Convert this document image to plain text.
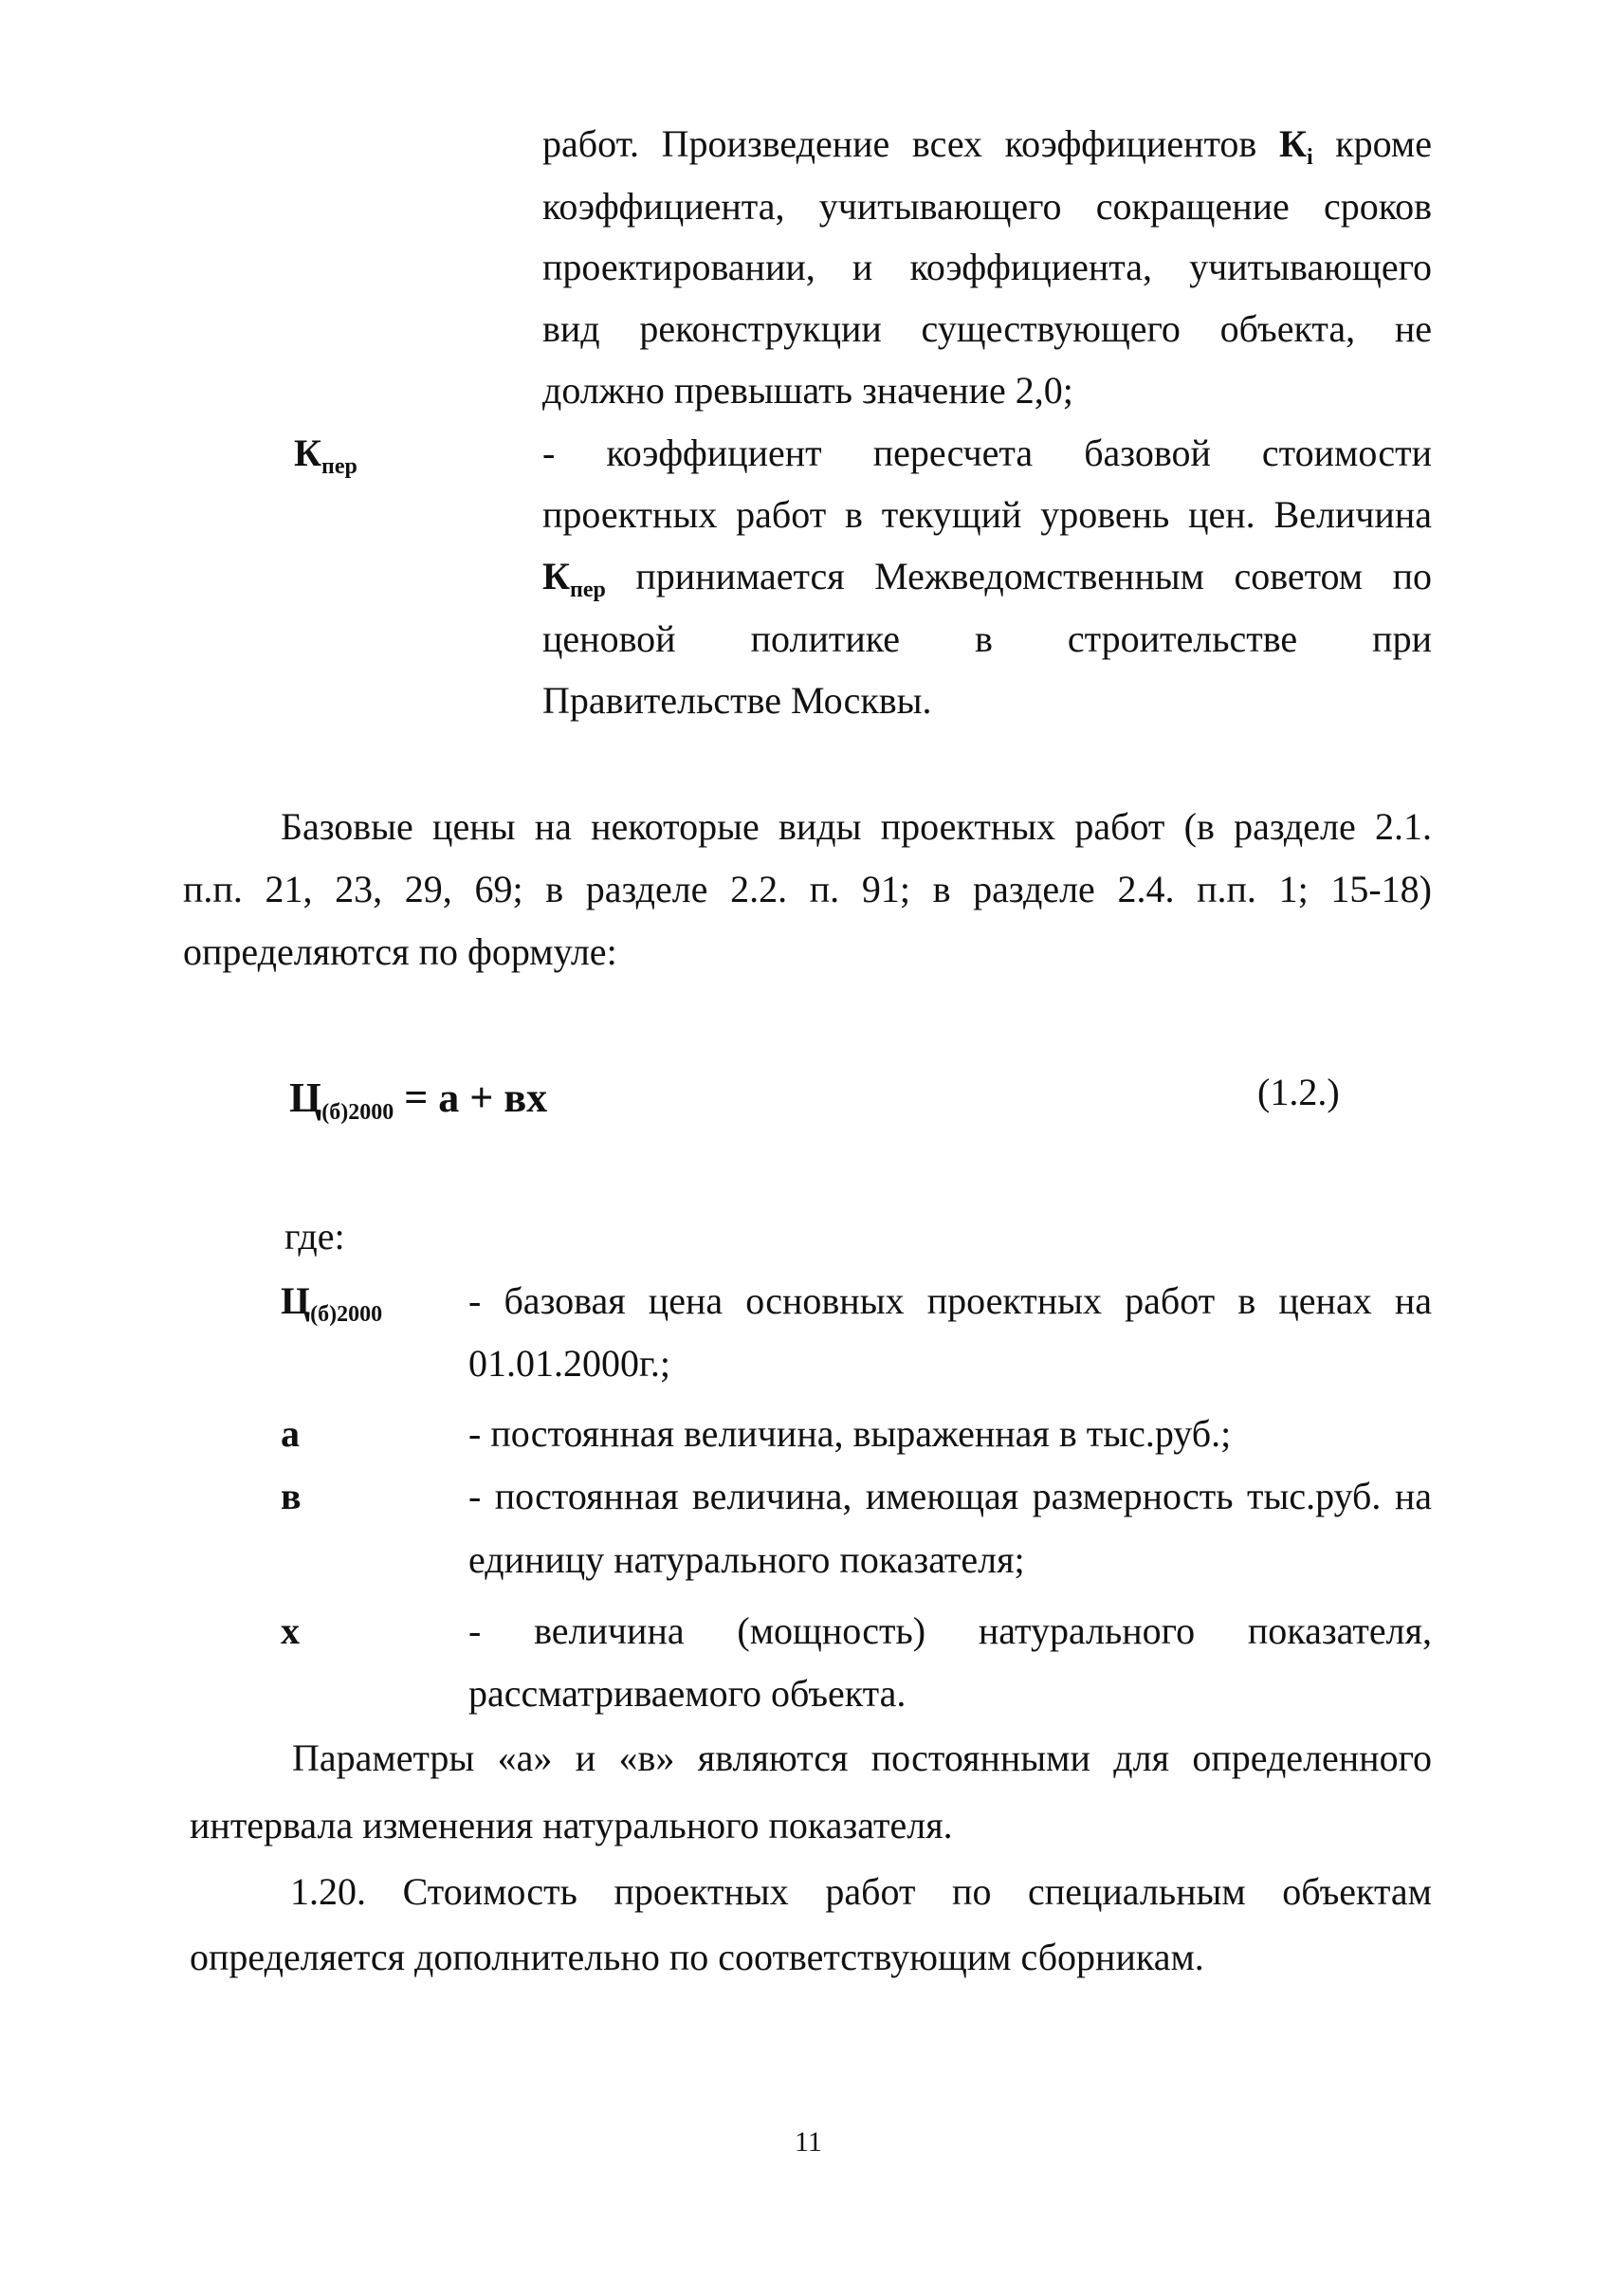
работ. Произведение всех коэффициентов $К_i$ кроме
коэффициента, учитывающего сокращение сроков
проектировании, и коэффициента, учитывающего
вид реконструкции существующего объекта, не
должно превышать значение 2,0;
$К_{пер}$	- коэффициент пересчета базовой стоимости
проектных работ в текущий уровень цен. Величина
$К_{пер}$ принимается Межведомственным советом по
ценовой политике в строительстве при
Правительстве Москвы.
Базовые цены на некоторые виды проектных работ (в разделе 2.1.
п.п. 21, 23, 29, 69; в разделе 2.2. п. 91; в разделе 2.4. п.п. 1; 15-18)
определяются по формуле:
$Ц_{(б)2000} = а$ + вх	(1.2.)
где:
$Ц_{(б)2000}$ - базовая цена основных проектных работ в ценах на
01.01.2000г.;
а	- постоянная величина, выраженная в тыс.руб.;
в	- постоянная величина, имеющая размерность тыс.руб. на
единицу натурального показателя;
х	- величина (мощность) натурального показателя,
рассматриваемого объекта.
Параметры «а» и «в» являются постоянными для определенного
интервала изменения натурального показателя.
1.20. Стоимость проектных работ по специальным объектам
определяется дополнительно по соответствующим сборникам.
11
